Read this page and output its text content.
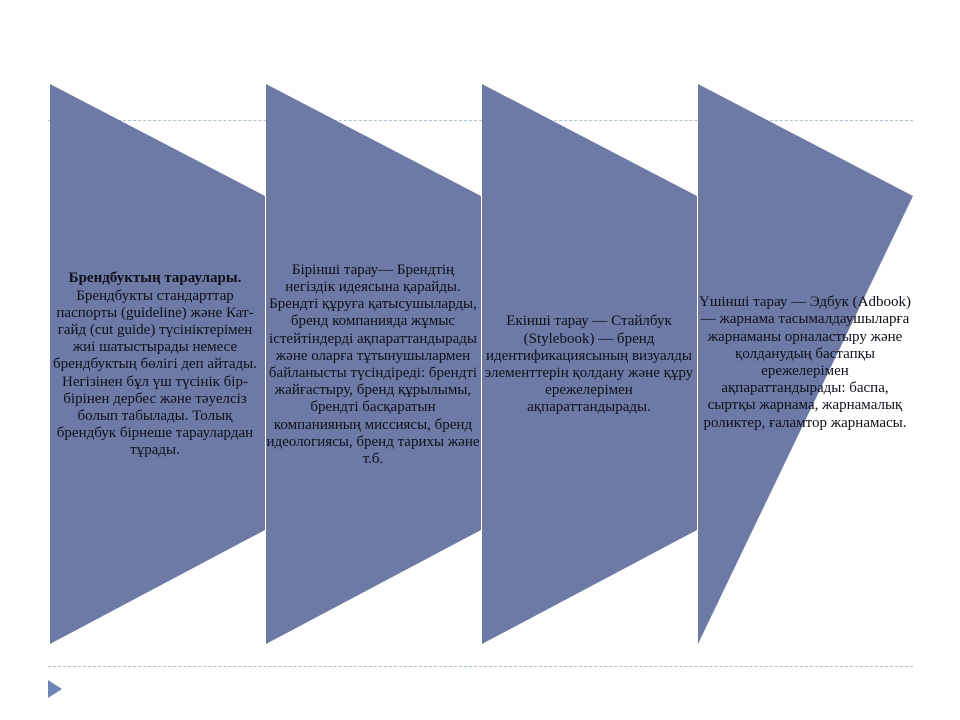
Брендбуктың тараулары. Брендбукты стандарттар паспорты (guideline) және Кат-гайд (cut guide) түсініктерімен жиі шатыстырады немесе брендбуктың бөлігі деп айтады. Негізінен бұл үш түсінік бір-бірінен дербес және тәуелсіз болып табылады. Толық брендбук бірнеше тараулардан тұрады.
Бірінші тарау— Брендтің негіздік идеясына қарайды. Брендті құруға қатысушыларды, бренд компанияда жұмыс істейтіндерді ақпараттандырады және оларға тұтынушылармен байланысты түсіндіреді: брендті жайғастыру, бренд құрылымы, брендті басқаратын компанияның миссиясы, бренд идеологиясы, бренд тарихы және т.б.
Екінші тарау — Стайлбук (Stylebook) — бренд идентификациясының визуалды элементтерін қолдану және құру ережелерімен ақпараттандырады.
Үшінші тарау — Эдбук (Adbook) — жарнама тасымалдаушыларға жарнаманы орналастыру және қолданудың бастапқы ережелерімен ақпараттандырады: баспа, сыртқы жарнама, жарнамалық роликтер, ғаламтор жарнамасы.
